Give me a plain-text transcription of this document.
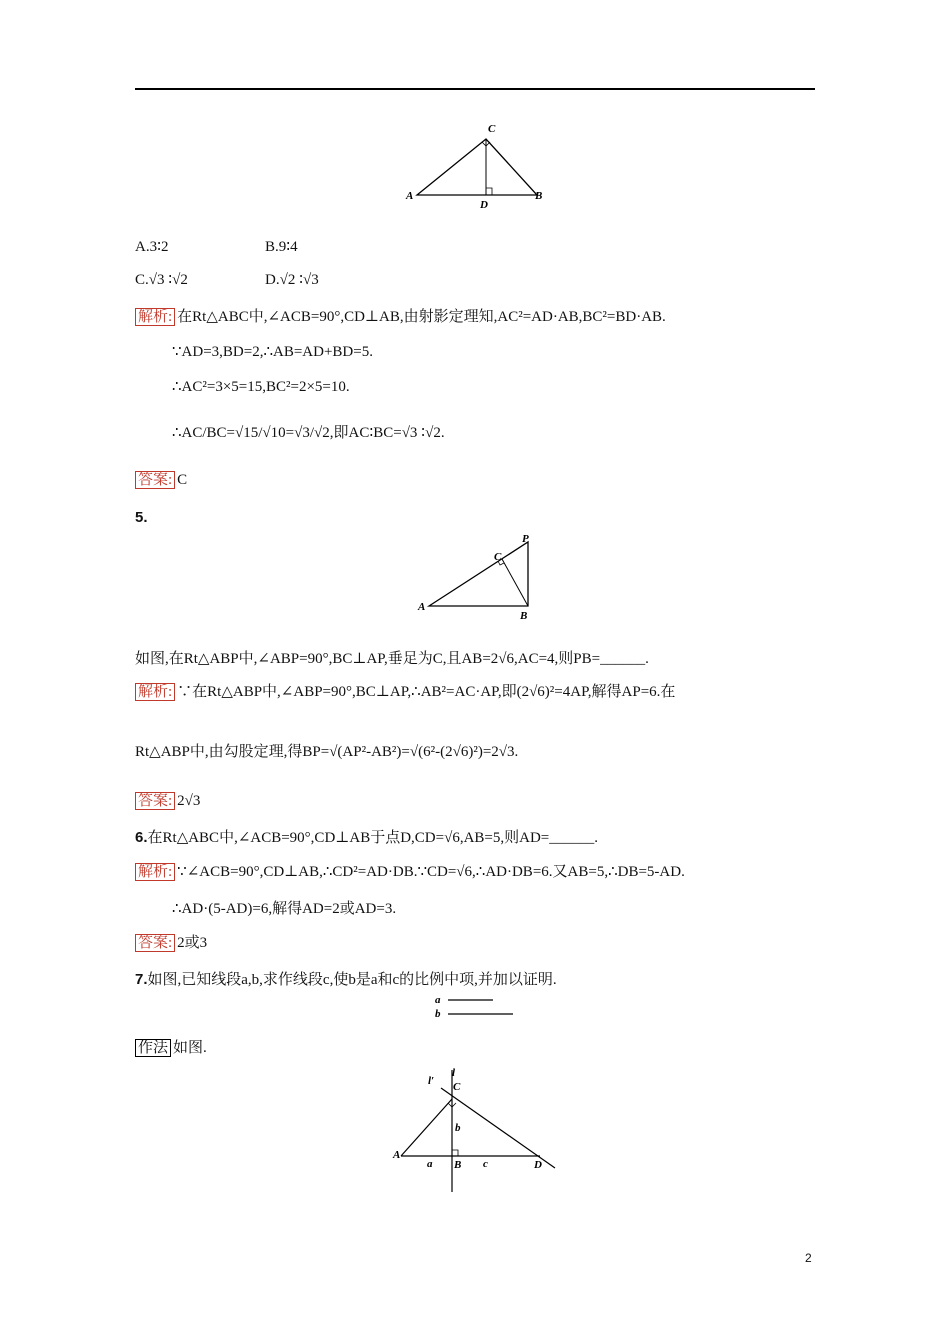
C
A
D
B
A.3∶2	B.9∶4
C.√3 ∶√2	D.√2 ∶√3
解析: 在Rt△ABC中,∠ACB=90°,CD⊥AB,由射影定理知,AC²=AD·AB,BC²=BD·AB.
∵AD=3,BD=2,∴AB=AD+BD=5.
∴AC²=3×5=15,BC²=2×5=10.
∴AC/BC=√15/√10=√3/√2,即AC∶BC=√3 ∶√2.
答案: C
5.
P
C
A
B
如图,在Rt△ABP中,∠ABP=90°,BC⊥AP,垂足为C,且AB=2√6,AC=4,则PB=______.
解析: ∵在Rt△ABP中,∠ABP=90°,BC⊥AP,∴AB²=AC·AP,即(2√6)²=4AP,解得AP=6.在
Rt△ABP中,由勾股定理,得BP=√(AP²-AB²)=√(6²-(2√6)²)=2√3.
答案: 2√3
6.在Rt△ABC中,∠ACB=90°,CD⊥AB于点D,CD=√6,AB=5,则AD=______.
解析: ∵∠ACB=90°,CD⊥AB,∴CD²=AD·DB.∵CD=√6,∴AD·DB=6.又AB=5,∴DB=5-AD.
∴AD·(5-AD)=6,解得AD=2或AD=3.
答案: 2或3
7.如图,已知线段a,b,求作线段c,使b是a和c的比例中项,并加以证明.
a
b
作法 如图.
l
l′ C
A
B	D
a
b
c
2
